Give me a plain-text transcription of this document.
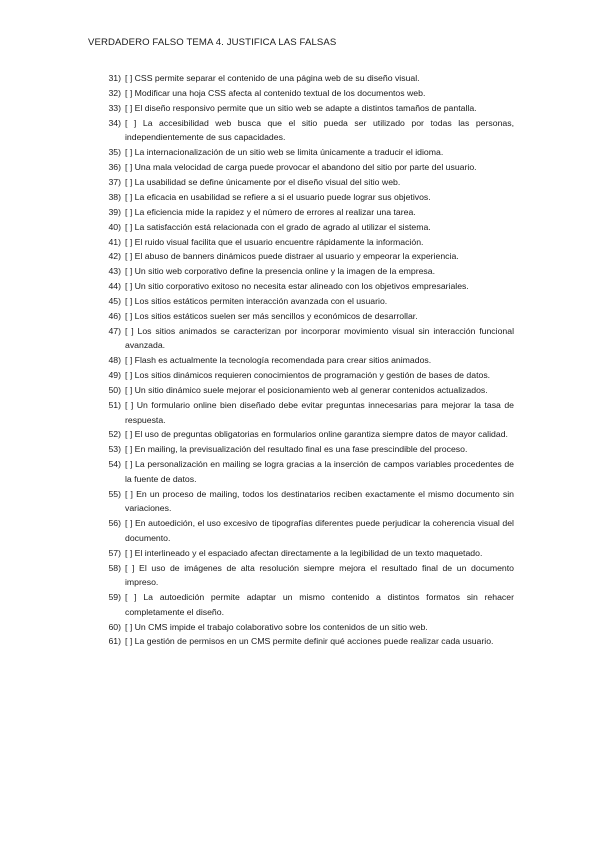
VERDADERO FALSO TEMA 4. JUSTIFICA LAS FALSAS
31) [ ] CSS permite separar el contenido de una página web de su diseño visual.
32) [ ] Modificar una hoja CSS afecta al contenido textual de los documentos web.
33) [ ] El diseño responsivo permite que un sitio web se adapte a distintos tamaños de pantalla.
34) [ ] La accesibilidad web busca que el sitio pueda ser utilizado por todas las personas, independientemente de sus capacidades.
35) [ ] La internacionalización de un sitio web se limita únicamente a traducir el idioma.
36) [ ] Una mala velocidad de carga puede provocar el abandono del sitio por parte del usuario.
37) [ ] La usabilidad se define únicamente por el diseño visual del sitio web.
38) [ ] La eficacia en usabilidad se refiere a si el usuario puede lograr sus objetivos.
39) [ ] La eficiencia mide la rapidez y el número de errores al realizar una tarea.
40) [ ] La satisfacción está relacionada con el grado de agrado al utilizar el sistema.
41) [ ] El ruido visual facilita que el usuario encuentre rápidamente la información.
42) [ ] El abuso de banners dinámicos puede distraer al usuario y empeorar la experiencia.
43) [ ] Un sitio web corporativo define la presencia online y la imagen de la empresa.
44) [ ] Un sitio corporativo exitoso no necesita estar alineado con los objetivos empresariales.
45) [ ] Los sitios estáticos permiten interacción avanzada con el usuario.
46) [ ] Los sitios estáticos suelen ser más sencillos y económicos de desarrollar.
47) [ ] Los sitios animados se caracterizan por incorporar movimiento visual sin interacción funcional avanzada.
48) [ ] Flash es actualmente la tecnología recomendada para crear sitios animados.
49) [ ] Los sitios dinámicos requieren conocimientos de programación y gestión de bases de datos.
50) [ ] Un sitio dinámico suele mejorar el posicionamiento web al generar contenidos actualizados.
51) [ ] Un formulario online bien diseñado debe evitar preguntas innecesarias para mejorar la tasa de respuesta.
52) [ ] El uso de preguntas obligatorias en formularios online garantiza siempre datos de mayor calidad.
53) [ ] En mailing, la previsualización del resultado final es una fase prescindible del proceso.
54) [ ] La personalización en mailing se logra gracias a la inserción de campos variables procedentes de la fuente de datos.
55) [ ] En un proceso de mailing, todos los destinatarios reciben exactamente el mismo documento sin variaciones.
56) [ ] En autoedición, el uso excesivo de tipografías diferentes puede perjudicar la coherencia visual del documento.
57) [ ] El interlineado y el espaciado afectan directamente a la legibilidad de un texto maquetado.
58) [ ] El uso de imágenes de alta resolución siempre mejora el resultado final de un documento impreso.
59) [ ] La autoedición permite adaptar un mismo contenido a distintos formatos sin rehacer completamente el diseño.
60) [ ] Un CMS impide el trabajo colaborativo sobre los contenidos de un sitio web.
61) [ ] La gestión de permisos en un CMS permite definir qué acciones puede realizar cada usuario.
